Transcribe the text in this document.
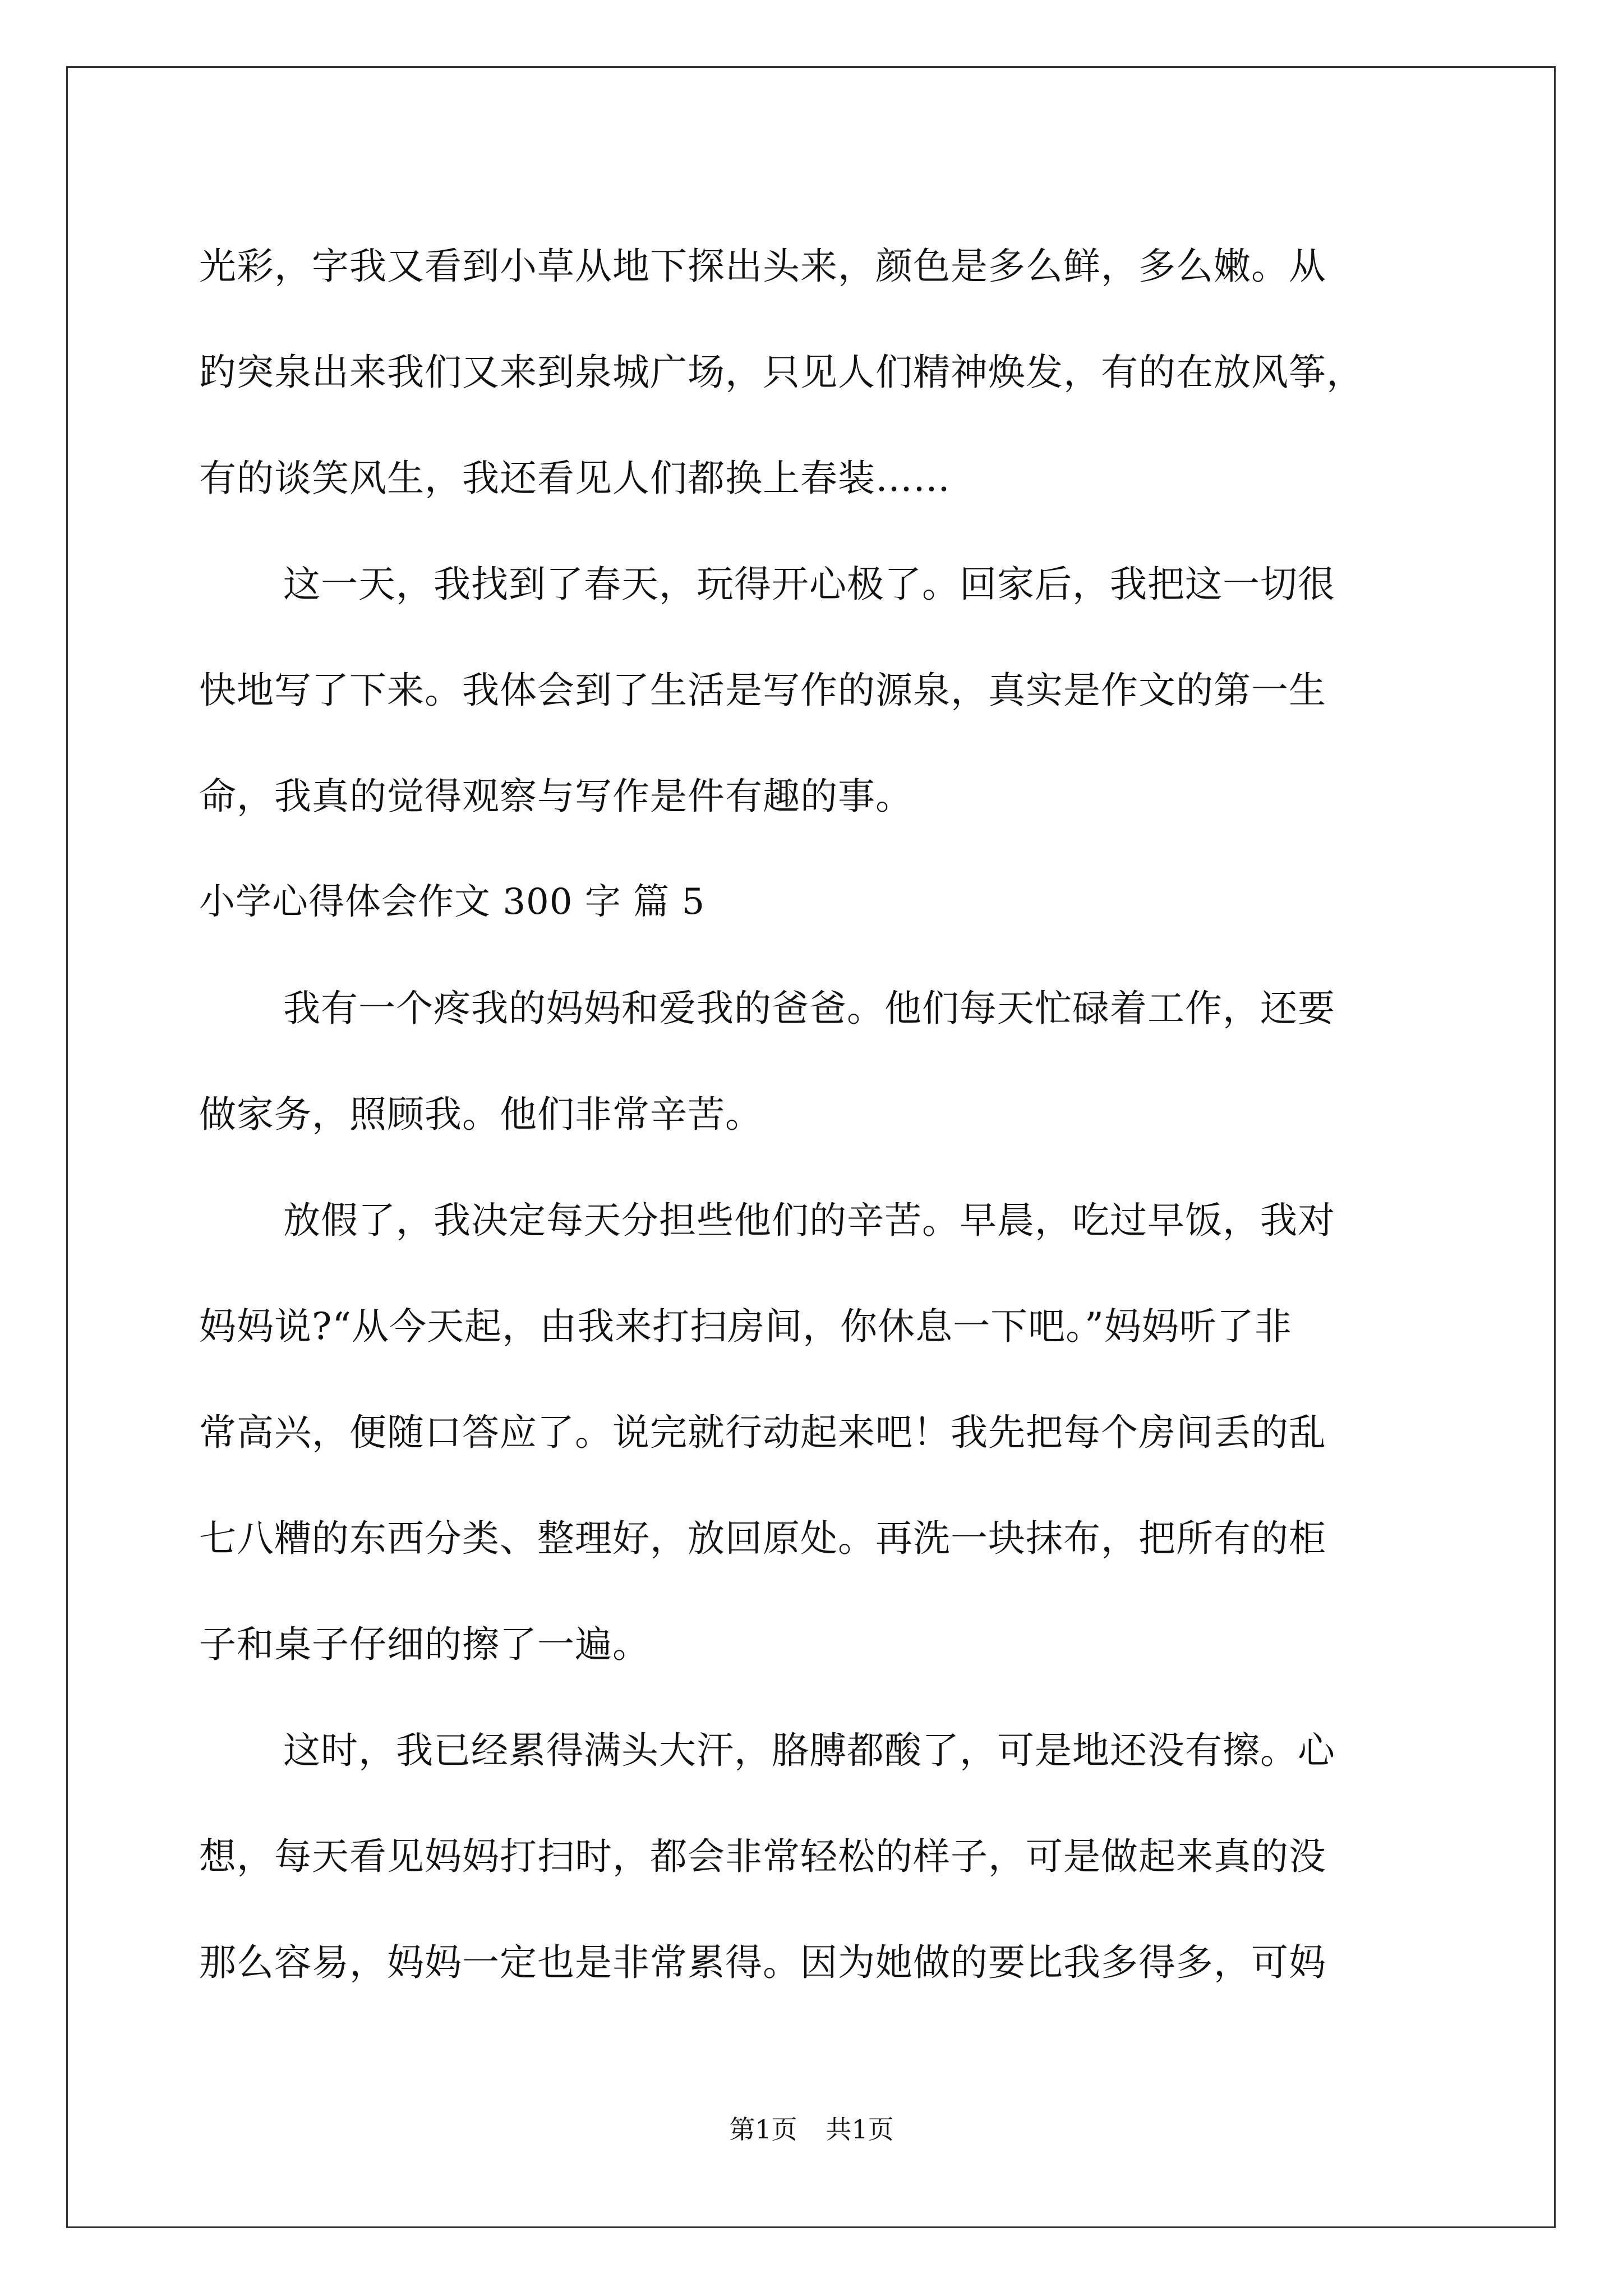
光彩，字我又看到小草从地下探出头来，颜色是多么鲜，多么嫩。从
趵突泉出来我们又来到泉城广场，只见人们精神焕发，有的在放风筝，
有的谈笑风生，我还看见人们都换上春装……
这一天，我找到了春天，玩得开心极了。回家后，我把这一切很
快地写了下来。我体会到了生活是写作的源泉，真实是作文的第一生
命，我真的觉得观察与写作是件有趣的事。
小学心得体会作文 300 字 篇 5
我有一个疼我的妈妈和爱我的爸爸。他们每天忙碌着工作，还要
做家务，照顾我。他们非常辛苦。
放假了，我决定每天分担些他们的辛苦。早晨，吃过早饭，我对
妈妈说?“从今天起，由我来打扫房间，你休息一下吧。”妈妈听了非
常高兴，便随口答应了。说完就行动起来吧！我先把每个房间丢的乱
七八糟的东西分类、整理好，放回原处。再洗一块抹布，把所有的柜
子和桌子仔细的擦了一遍。
这时，我已经累得满头大汗，胳膊都酸了，可是地还没有擦。心
想，每天看见妈妈打扫时，都会非常轻松的样子，可是做起来真的没
那么容易，妈妈一定也是非常累得。因为她做的要比我多得多，可妈
第1页 共1页
